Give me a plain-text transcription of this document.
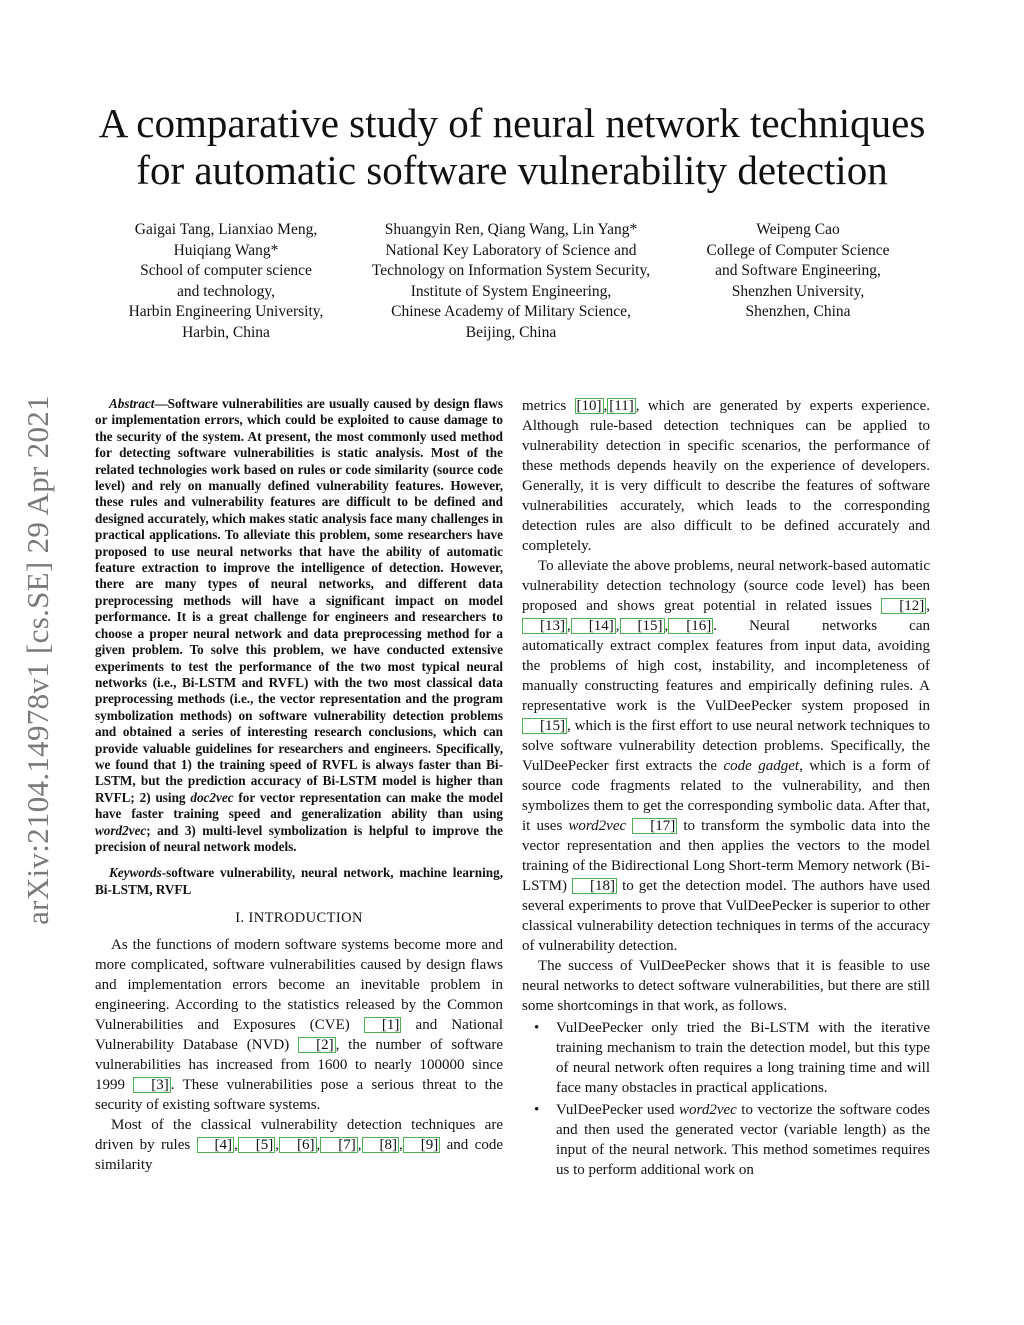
arXiv:2104.14978v1 [cs.SE] 29 Apr 2021
A comparative study of neural network techniques
for automatic software vulnerability detection
Gaigai Tang, Lianxiao Meng,
Huiqiang Wang*
School of computer science
and technology,
Harbin Engineering University,
Harbin, China
Shuangyin Ren, Qiang Wang, Lin Yang*
National Key Laboratory of Science and
Technology on Information System Security,
Institute of System Engineering,
Chinese Academy of Military Science,
Beijing, China
Weipeng Cao
College of Computer Science
and Software Engineering,
Shenzhen University,
Shenzhen, China

Abstract—Software vulnerabilities are usually caused by design flaws or implementation errors, which could be exploited to cause damage to the security of the system. At present, the most commonly used method for detecting software vulnerabilities is static analysis. Most of the related technologies work based on rules or code similarity (source code level) and rely on manually defined vulnerability features. However, these rules and vulnerability features are difficult to be defined and designed accurately, which makes static analysis face many challenges in practical applications. To alleviate this problem, some researchers have proposed to use neural networks that have the ability of automatic feature extraction to improve the intelligence of detection. However, there are many types of neural networks, and different data preprocessing methods will have a significant impact on model performance. It is a great challenge for engineers and researchers to choose a proper neural network and data preprocessing method for a given problem. To solve this problem, we have conducted extensive experiments to test the performance of the two most typical neural networks (i.e., Bi-LSTM and RVFL) with the two most classical data preprocessing methods (i.e., the vector representation and the program symbolization methods) on software vulnerability detection problems and obtained a series of interesting research conclusions, which can provide valuable guidelines for researchers and engineers. Specifically, we found that 1) the training speed of RVFL is always faster than Bi-LSTM, but the prediction accuracy of Bi-LSTM model is higher than RVFL; 2) using doc2vec for vector representation can make the model have faster training speed and generalization ability than using word2vec; and 3) multi-level symbolization is helpful to improve the precision of neural network models.

Keywords-software vulnerability, neural network, machine learning, Bi-LSTM, RVFL

I. INTRODUCTION

As the functions of modern software systems become more and more complicated, software vulnerabilities caused by design flaws and implementation errors become an inevitable problem in engineering. According to the statistics released by the Common Vulnerabilities and Exposures (CVE) [1] and National Vulnerability Database (NVD) [2] , the number of software vulnerabilities has increased from 1600 to nearly 100000 since 1999 [3] . These vulnerabilities pose a serious threat to the security of existing software systems.

Most of the classical vulnerability detection techniques are driven by rules [4] , [5] , [6] , [7] , [8] , [9] and code similarity

metrics [10] , [11] , which are generated by experts experience. Although rule-based detection techniques can be applied to vulnerability detection in specific scenarios, the performance of these methods depends heavily on the experience of developers. Generally, it is very difficult to describe the features of software vulnerabilities accurately, which leads to the corresponding detection rules are also difficult to be defined accurately and completely.

To alleviate the above problems, neural network-based automatic vulnerability detection technology (source code level) has been proposed and shows great potential in related issues [12] ,[13] , [14] , [15] , [16] . Neural networks can automatically extract complex features from input data, avoiding the problems of high cost, instability, and incompleteness of manually constructing features and empirically defining rules. A representative work is the VulDeePecker system proposed in [15] , which is the first effort to use neural network techniques to solve software vulnerability detection problems. Specifically, the VulDeePecker first extracts the code gadget, which is a form of source code fragments related to the vulnerability, and then symbolizes them to get the corresponding symbolic data. After that, it uses word2vec [17] to transform the symbolic data into the vector representation and then applies the vectors to the model training of the Bidirectional Long Short-term Memory network (Bi-LSTM) [18] to get the detection model. The authors have used several experiments to prove that VulDeePecker is superior to other classical vulnerability detection techniques in terms of the accuracy of vulnerability detection.

The success of VulDeePecker shows that it is feasible to use neural networks to detect software vulnerabilities, but there are still some shortcomings in that work, as follows.

• VulDeePecker only tried the Bi-LSTM with the iterative training mechanism to train the detection model, but this type of neural network often requires a long training time and will face many obstacles in practical applications.
• VulDeePecker used word2vec to vectorize the software codes and then used the generated vector (variable length) as the input of the neural network. This method sometimes requires us to perform additional work on
